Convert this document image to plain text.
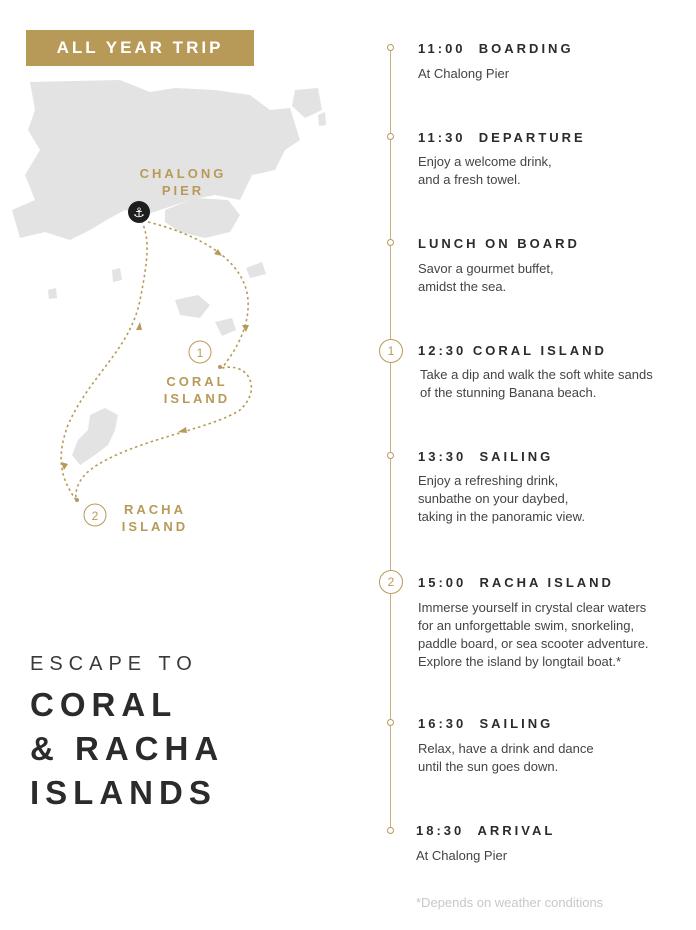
ALL YEAR TRIP
⚓
1
2
CHALONG
PIER
CORAL
ISLAND
RACHA
ISLAND
ESCAPE TO
CORAL
& RACHA
ISLANDS
11:00 BOARDING
At Chalong Pier
11:30 DEPARTURE
Enjoy a welcome drink,
and a fresh towel.
LUNCH ON BOARD
Savor a gourmet buffet,
amidst the sea.
1	12:30 CORAL ISLAND
Take a dip and walk the soft white sands
of the stunning Banana beach.
13:30 SAILING
Enjoy a refreshing drink,
sunbathe on your daybed,
taking in the panoramic view.
2	15:00 RACHA ISLAND
Immerse yourself in crystal clear waters
for an unforgettable swim, snorkeling,
paddle board, or sea scooter adventure.
Explore the island by longtail boat.*
16:30 SAILING
Relax, have a drink and dance
until the sun goes down.
18:30 ARRIVAL
At Chalong Pier
*Depends on weather conditions
